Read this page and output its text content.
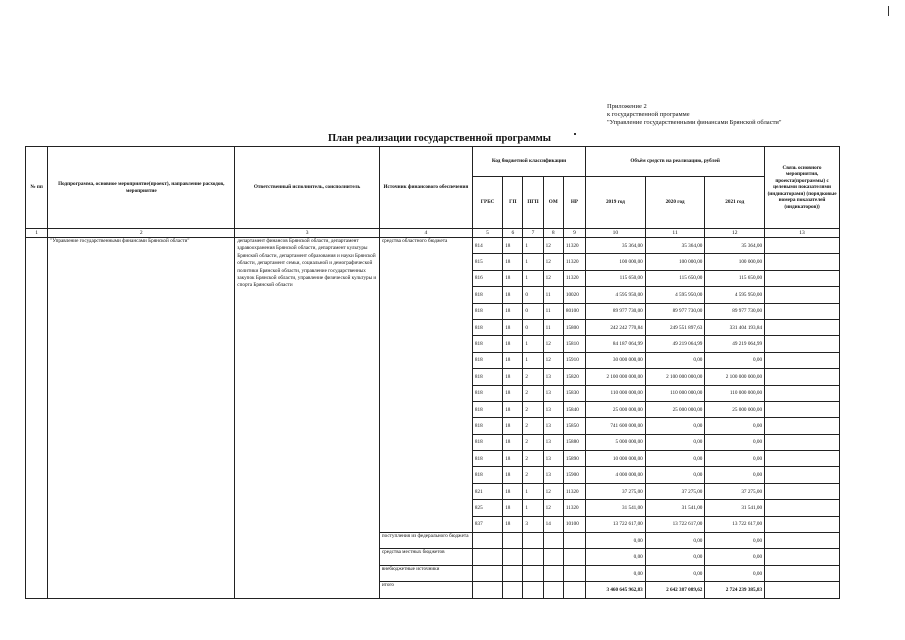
Приложение 2
к государственной программе
"Управление государственными финансами Брянской области"
План реализации государственной программы
№ пп	Подпрограмма, основное мероприятие(проект), направление расходов, мероприятие	Ответственный исполнитель, соисполнитель	Источник финансового обеспечения	Код бюджетной классификации					Объём средств на реализацию, рублей			Связь основного мероприятия, проекта(программы) с целевыми показателями (индикаторами) (порядковые номера показателей (индикаторов))
				ГРБС	ГП	ПГП	ОМ	НР	2019 год	2020 год	2021 год	
1	2	3	4	5	6	7	8	9	10	11	12	13
	"Управление государственными финансами Брянской области"	департамент финансов Брянской области, департамент здравоохранения Брянской области, департамент культуры Брянской области, департамент образования и науки Брянской области, департамент семьи, социальной и демографической политики Брянской области, управление государственных закупок Брянской области, управление физической культуры и спорта Брянской области	средства областного бюджета	814	18	1	12	11320	35 364,00	35 364,00	35 364,00	
				815	18	1	12	11320	100 000,00	100 000,00	100 000,00	
				816	18	1	12	11320	115 650,00	115 650,00	115 650,00	
				818	18	0	11	10020	4 595 950,00	4 595 950,00	4 595 950,00	
				818	18	0	11	80100	89 977 730,00	89 977 730,00	89 977 730,00	
				818	18	0	11	15800	242 242 770,84	249 551 897,63	331 404 193,84	
				818	18	1	12	15810	84 187 064,99	49 219 064,99	49 219 064,99	
				818	18	1	12	15910	30 000 000,00	0,00	0,00	
				818	18	2	13	15820	2 100 000 000,00	2 100 000 000,00	2 100 000 000,00	
				818	18	2	13	15830	110 000 000,00	110 000 000,00	110 000 000,00	
				818	18	2	13	15840	25 000 000,00	25 000 000,00	25 000 000,00	
				818	18	2	13	15850	741 600 000,00	0,00	0,00	
				818	18	2	13	15880	5 000 000,00	0,00	0,00	
				818	18	2	13	15890	10 000 000,00	0,00	0,00	
				818	18	2	13	15900	4 000 000,00	0,00	0,00	
				821	18	1	12	11320	37 275,00	37 275,00	37 275,00	
				825	18	1	12	11320	31 541,00	31 541,00	31 541,00	
				837	18	3	14	10100	13 722 617,00	13 722 617,00	13 722 617,00	
			поступления из федерального бюджета						0,00	0,00	0,00	
			средства местных бюджетов						0,00	0,00	0,00	
			внебюджетные источники						0,00	0,00	0,00	
			итого						3 460 645 962,83	2 642 387 089,62	2 724 239 385,83	
